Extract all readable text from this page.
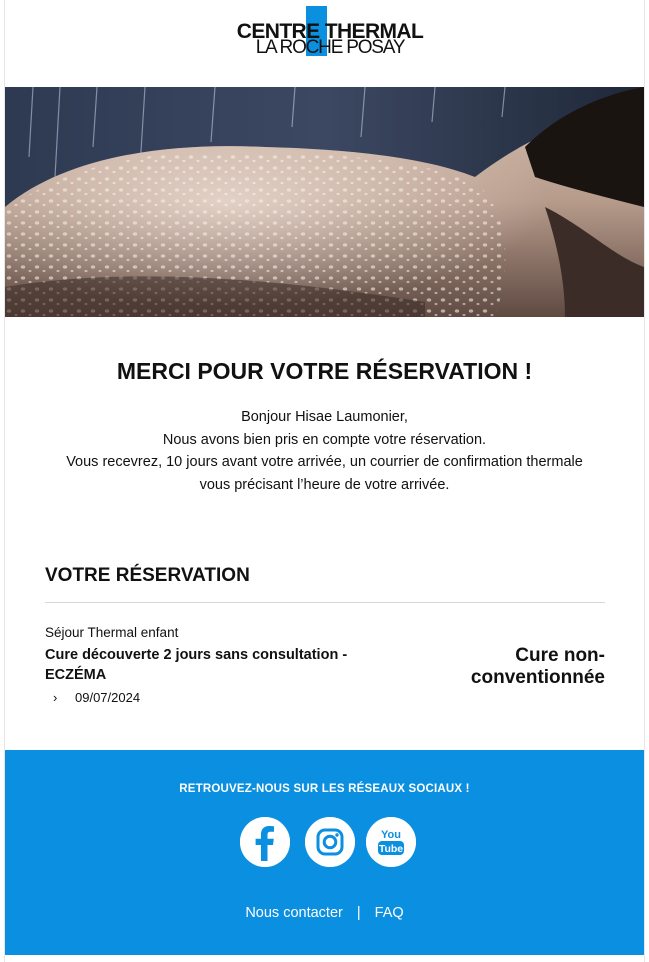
CENTRE THERMAL
LA ROCHE POSAY
MERCI POUR VOTRE RÉSERVATION !

Bonjour Hisae Laumonier,

Nous avons bien pris en compte votre réservation.

Vous recevrez, 10 jours avant votre arrivée, un courrier de confirmation thermale

vous précisant l’heure de votre arrivée.

VOTRE RÉSERVATION
Séjour Thermal enfant
Cure découverte 2 jours sans consultation - ECZÉMA
› 09/07/2024
Cure non-conventionnée
RETROUVEZ-NOUS SUR LES RÉSEAUX SOCIAUX !
You
Tube
Nous contacter | FAQ
